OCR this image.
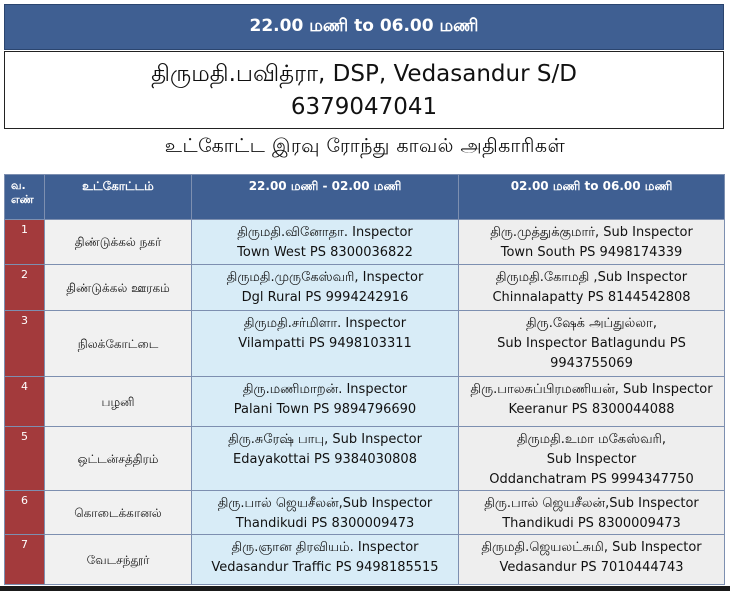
22.00 மணி to 06.00 மணி
திருமதி.பவித்ரா, DSP, Vedasandur S/D
6379047041
உட்கோட்ட இரவு ரோந்து காவல் அதிகாரிகள்
வ.
எண்	உட்கோட்டம்	22.00 மணி - 02.00 மணி	02.00 மணி to 06.00 மணி
1	திண்டுக்கல் நகர்	திருமதி.வினோதா. Inspector
Town West PS 8300036822	திரு.முத்துக்குமார், Sub Inspector
Town South PS 9498174339

2	திண்டுக்கல் ஊரகம்	திருமதி.முருகேஸ்வரி, Inspector
Dgl Rural PS 9994242916	திருமதி.கோமதி ,Sub Inspector
Chinnalapatty PS 8144542808

3	நிலக்கோட்டை	திருமதி.சர்மிளா. Inspector
Vilampatti PS 9498103311	திரு.ஷேக் அப்துல்லா,
Sub Inspector Batlagundu PS
9943755069

4	பழனி	திரு.மணிமாறன். Inspector
Palani Town PS 9894796690	திரு.பாலசுப்பிரமணியன், Sub Inspector
Keeranur PS 8300044088

5	ஒட்டன்சத்திரம்	திரு.சுரேஷ் பாபு, Sub Inspector
Edayakottai PS 9384030808	திருமதி.உமா மகேஸ்வரி,
Sub Inspector
Oddanchatram PS 9994347750

6	கொடைக்கானல்	திரு.பால் ஜெயசீலன்,Sub Inspector
Thandikudi PS 8300009473	திரு.பால் ஜெயசீலன்,Sub Inspector
Thandikudi PS 8300009473

7	வேடசந்தூர்	திரு.ஞான திரவியம். Inspector
Vedasandur Traffic PS 9498185515	திருமதி.ஜெயலட்சுமி, Sub Inspector
Vedasandur PS 7010444743
